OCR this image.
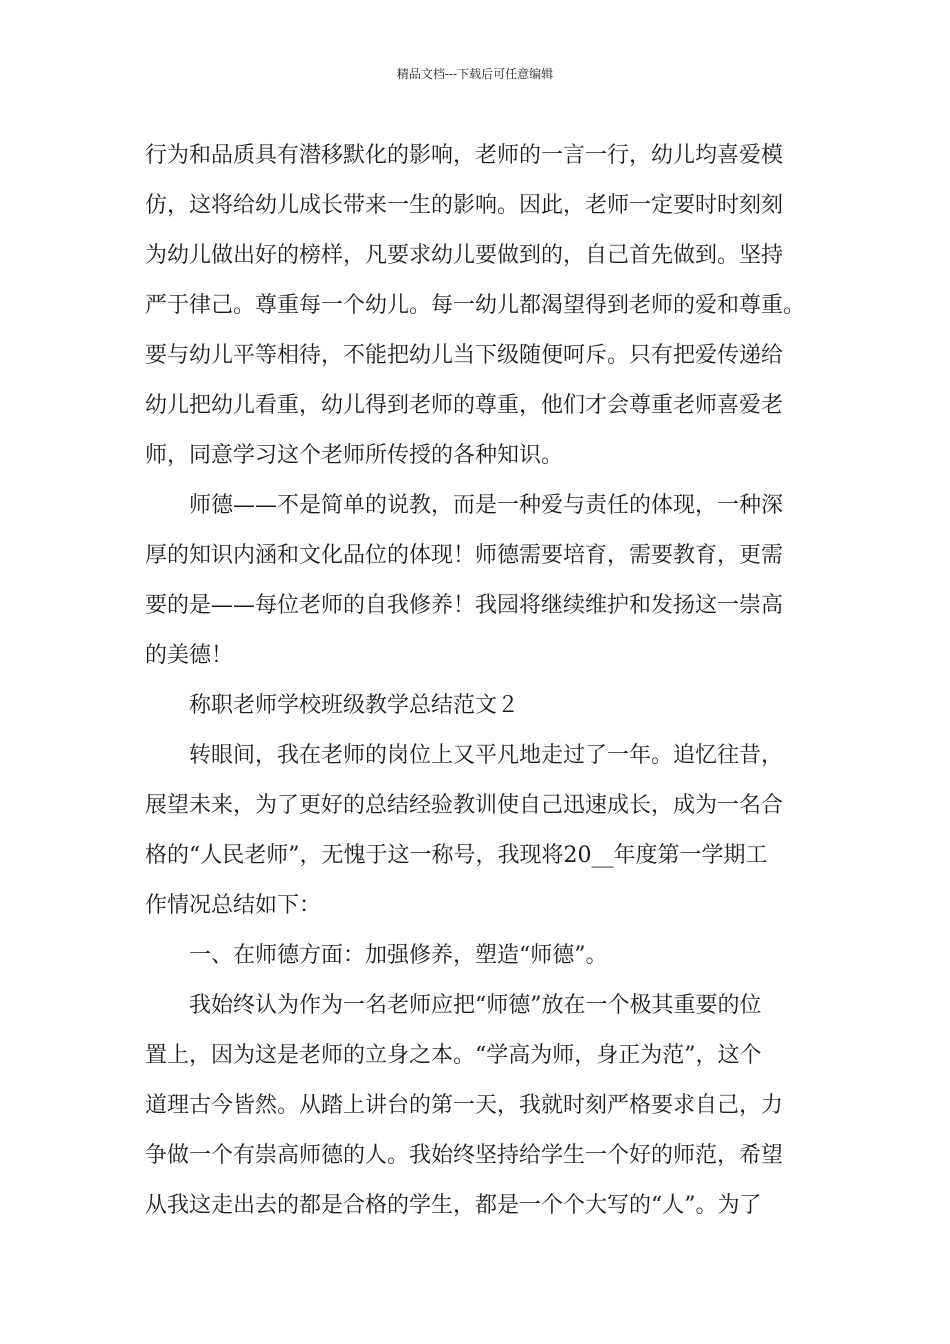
精品文档---下载后可任意编辑
行为和品质具有潜移默化的影响，老师的一言一行，幼儿均喜爱模
仿，这将给幼儿成长带来一生的影响。因此，老师一定要时时刻刻
为幼儿做出好的榜样，凡要求幼儿要做到的，自己首先做到。坚持
严于律己。尊重每一个幼儿。每一幼儿都渴望得到老师的爱和尊重。
要与幼儿平等相待，不能把幼儿当下级随便呵斥。只有把爱传递给
幼儿把幼儿看重，幼儿得到老师的尊重，他们才会尊重老师喜爱老
师，同意学习这个老师所传授的各种知识。
师德——不是简单的说教，而是一种爱与责任的体现，一种深
厚的知识内涵和文化品位的体现！师德需要培育，需要教育，更需
要的是——每位老师的自我修养！我园将继续维护和发扬这一崇高
的美德！
称职老师学校班级教学总结范文２
转眼间，我在老师的岗位上又平凡地走过了一年。追忆往昔，
展望未来，为了更好的总结经验教训使自己迅速成长，成为一名合
格的“人民老师”，无愧于这一称号，我现将20__年度第一学期工
作情况总结如下：
一、在师德方面：加强修养，塑造“师德”。
我始终认为作为一名老师应把“师德”放在一个极其重要的位
置上，因为这是老师的立身之本。“学高为师，身正为范”，这个
道理古今皆然。从踏上讲台的第一天，我就时刻严格要求自己，力
争做一个有崇高师德的人。我始终坚持给学生一个好的师范，希望
从我这走出去的都是合格的学生，都是一个个大写的“人”。为了
